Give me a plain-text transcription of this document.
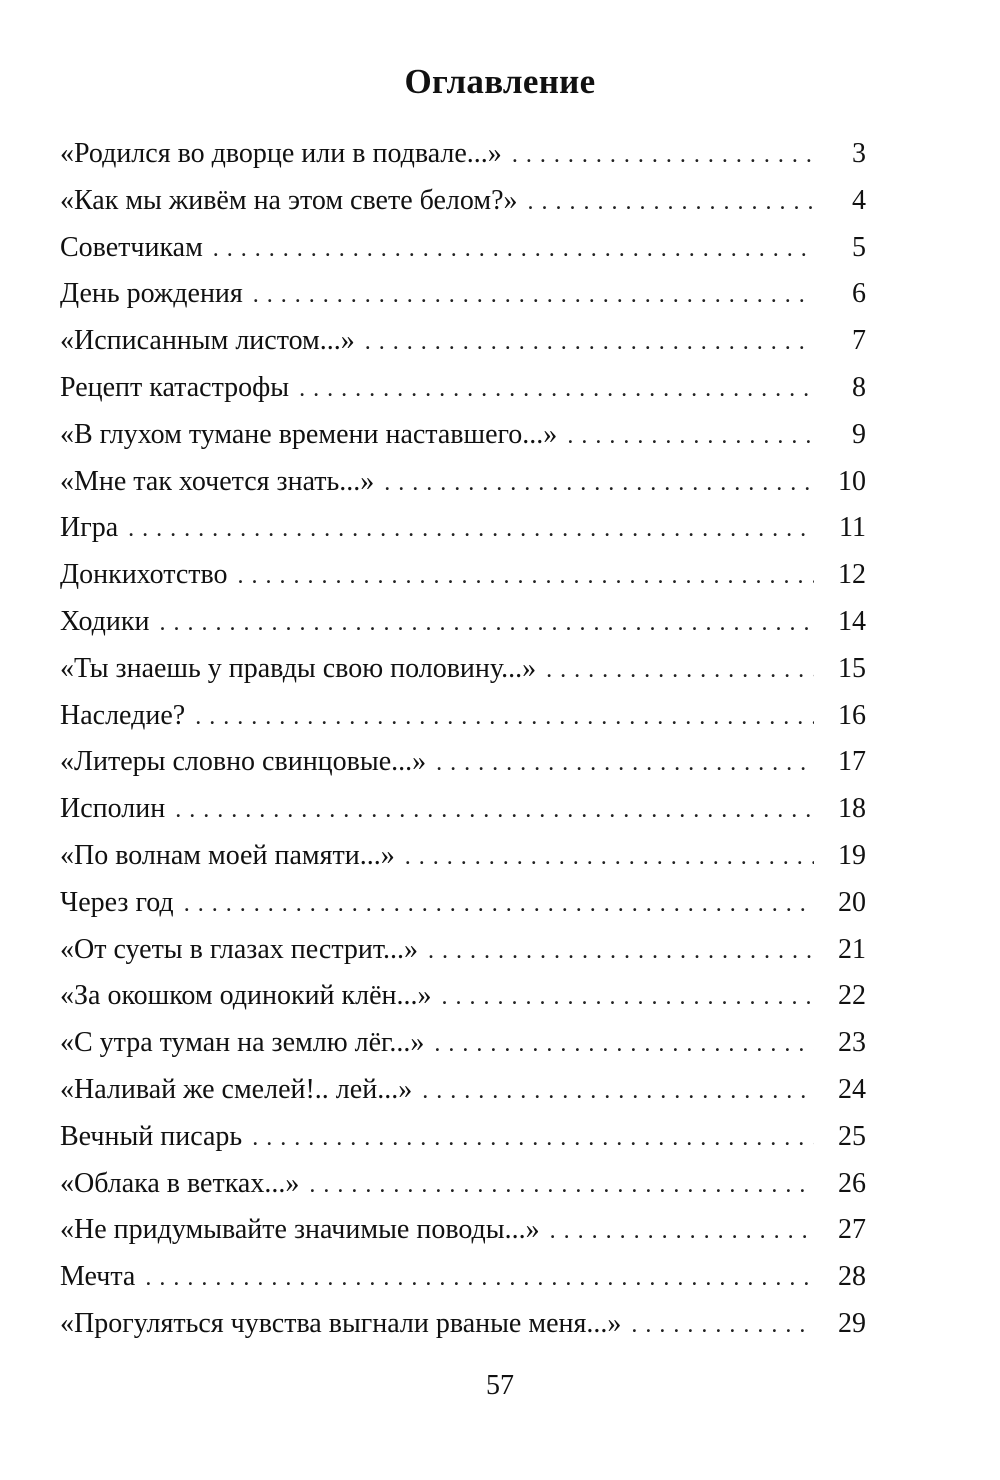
Оглавление
«Родился во дворце или в подвале...» . . .	3
«Как мы живём на этом свете белом?» . . .	4
Советчикам . . .	5
День рождения . . .	6
«Исписанным листом...» . . .	7
Рецепт катастрофы . . .	8
«В глухом тумане времени наставшего...» . . .	9
«Мне так хочется знать...» . . .	10
Игра . . .	11
Донкихотство . . .	12
Ходики . . .	14
«Ты знаешь у правды свою половину...» . . .	15
Наследие? . . .	16
«Литеры словно свинцовые...» . . .	17
Исполин . . .	18
«По волнам моей памяти...» . . .	19
Через год . . .	20
«От суеты в глазах пестрит...» . . .	21
«За окошком одинокий клён...» . . .	22
«С утра туман на землю лёг...» . . .	23
«Наливай же смелей!.. лей...» . . .	24
Вечный писарь . . .	25
«Облака в ветках...» . . .	26
«Не придумывайте значимые поводы...» . . .	27
Мечта . . .	28
«Прогуляться чувства выгнали рваные меня...» . . .	29
57
